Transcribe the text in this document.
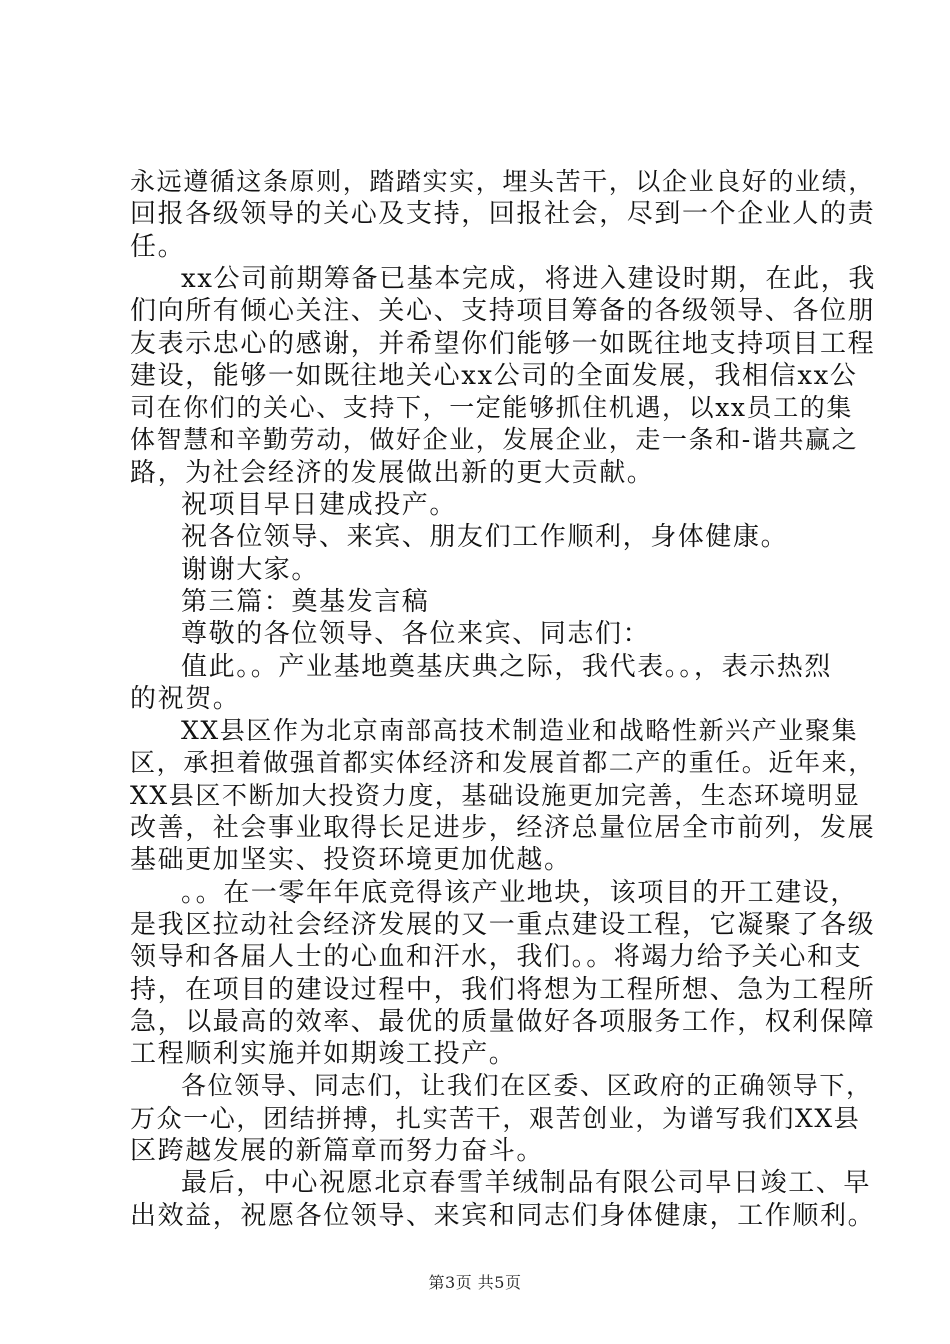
永远遵循这条原则，踏踏实实，埋头苦干，以企业良好的业绩，
回报各级领导的关心及支持，回报社会，尽到一个企业人的责
任。
xx公司前期筹备已基本完成，将进入建设时期，在此，我
们向所有倾心关注、关心、支持项目筹备的各级领导、各位朋
友表示忠心的感谢，并希望你们能够一如既往地支持项目工程
建设，能够一如既往地关心xx公司的全面发展，我相信xx公
司在你们的关心、支持下，一定能够抓住机遇，以xx员工的集
体智慧和辛勤劳动，做好企业，发展企业，走一条和-谐共赢之
路，为社会经济的发展做出新的更大贡献。
祝项目早日建成投产。
祝各位领导、来宾、朋友们工作顺利，身体健康。
谢谢大家。
第三篇：奠基发言稿
尊敬的各位领导、各位来宾、同志们：
值此。。产业基地奠基庆典之际，我代表。。，表示热烈
的祝贺。
XX县区作为北京南部高技术制造业和战略性新兴产业聚集
区，承担着做强首都实体经济和发展首都二产的重任。近年来，
XX县区不断加大投资力度，基础设施更加完善，生态环境明显
改善，社会事业取得长足进步，经济总量位居全市前列，发展
基础更加坚实、投资环境更加优越。
。。在一零年年底竞得该产业地块，该项目的开工建设，
是我区拉动社会经济发展的又一重点建设工程，它凝聚了各级
领导和各届人士的心血和汗水，我们。。将竭力给予关心和支
持，在项目的建设过程中，我们将想为工程所想、急为工程所
急，以最高的效率、最优的质量做好各项服务工作，权利保障
工程顺利实施并如期竣工投产。
各位领导、同志们，让我们在区委、区政府的正确领导下，
万众一心，团结拼搏，扎实苦干，艰苦创业，为谱写我们XX县
区跨越发展的新篇章而努力奋斗。
最后，中心祝愿北京春雪羊绒制品有限公司早日竣工、早
出效益，祝愿各位领导、来宾和同志们身体健康，工作顺利。
第3页 共5页
